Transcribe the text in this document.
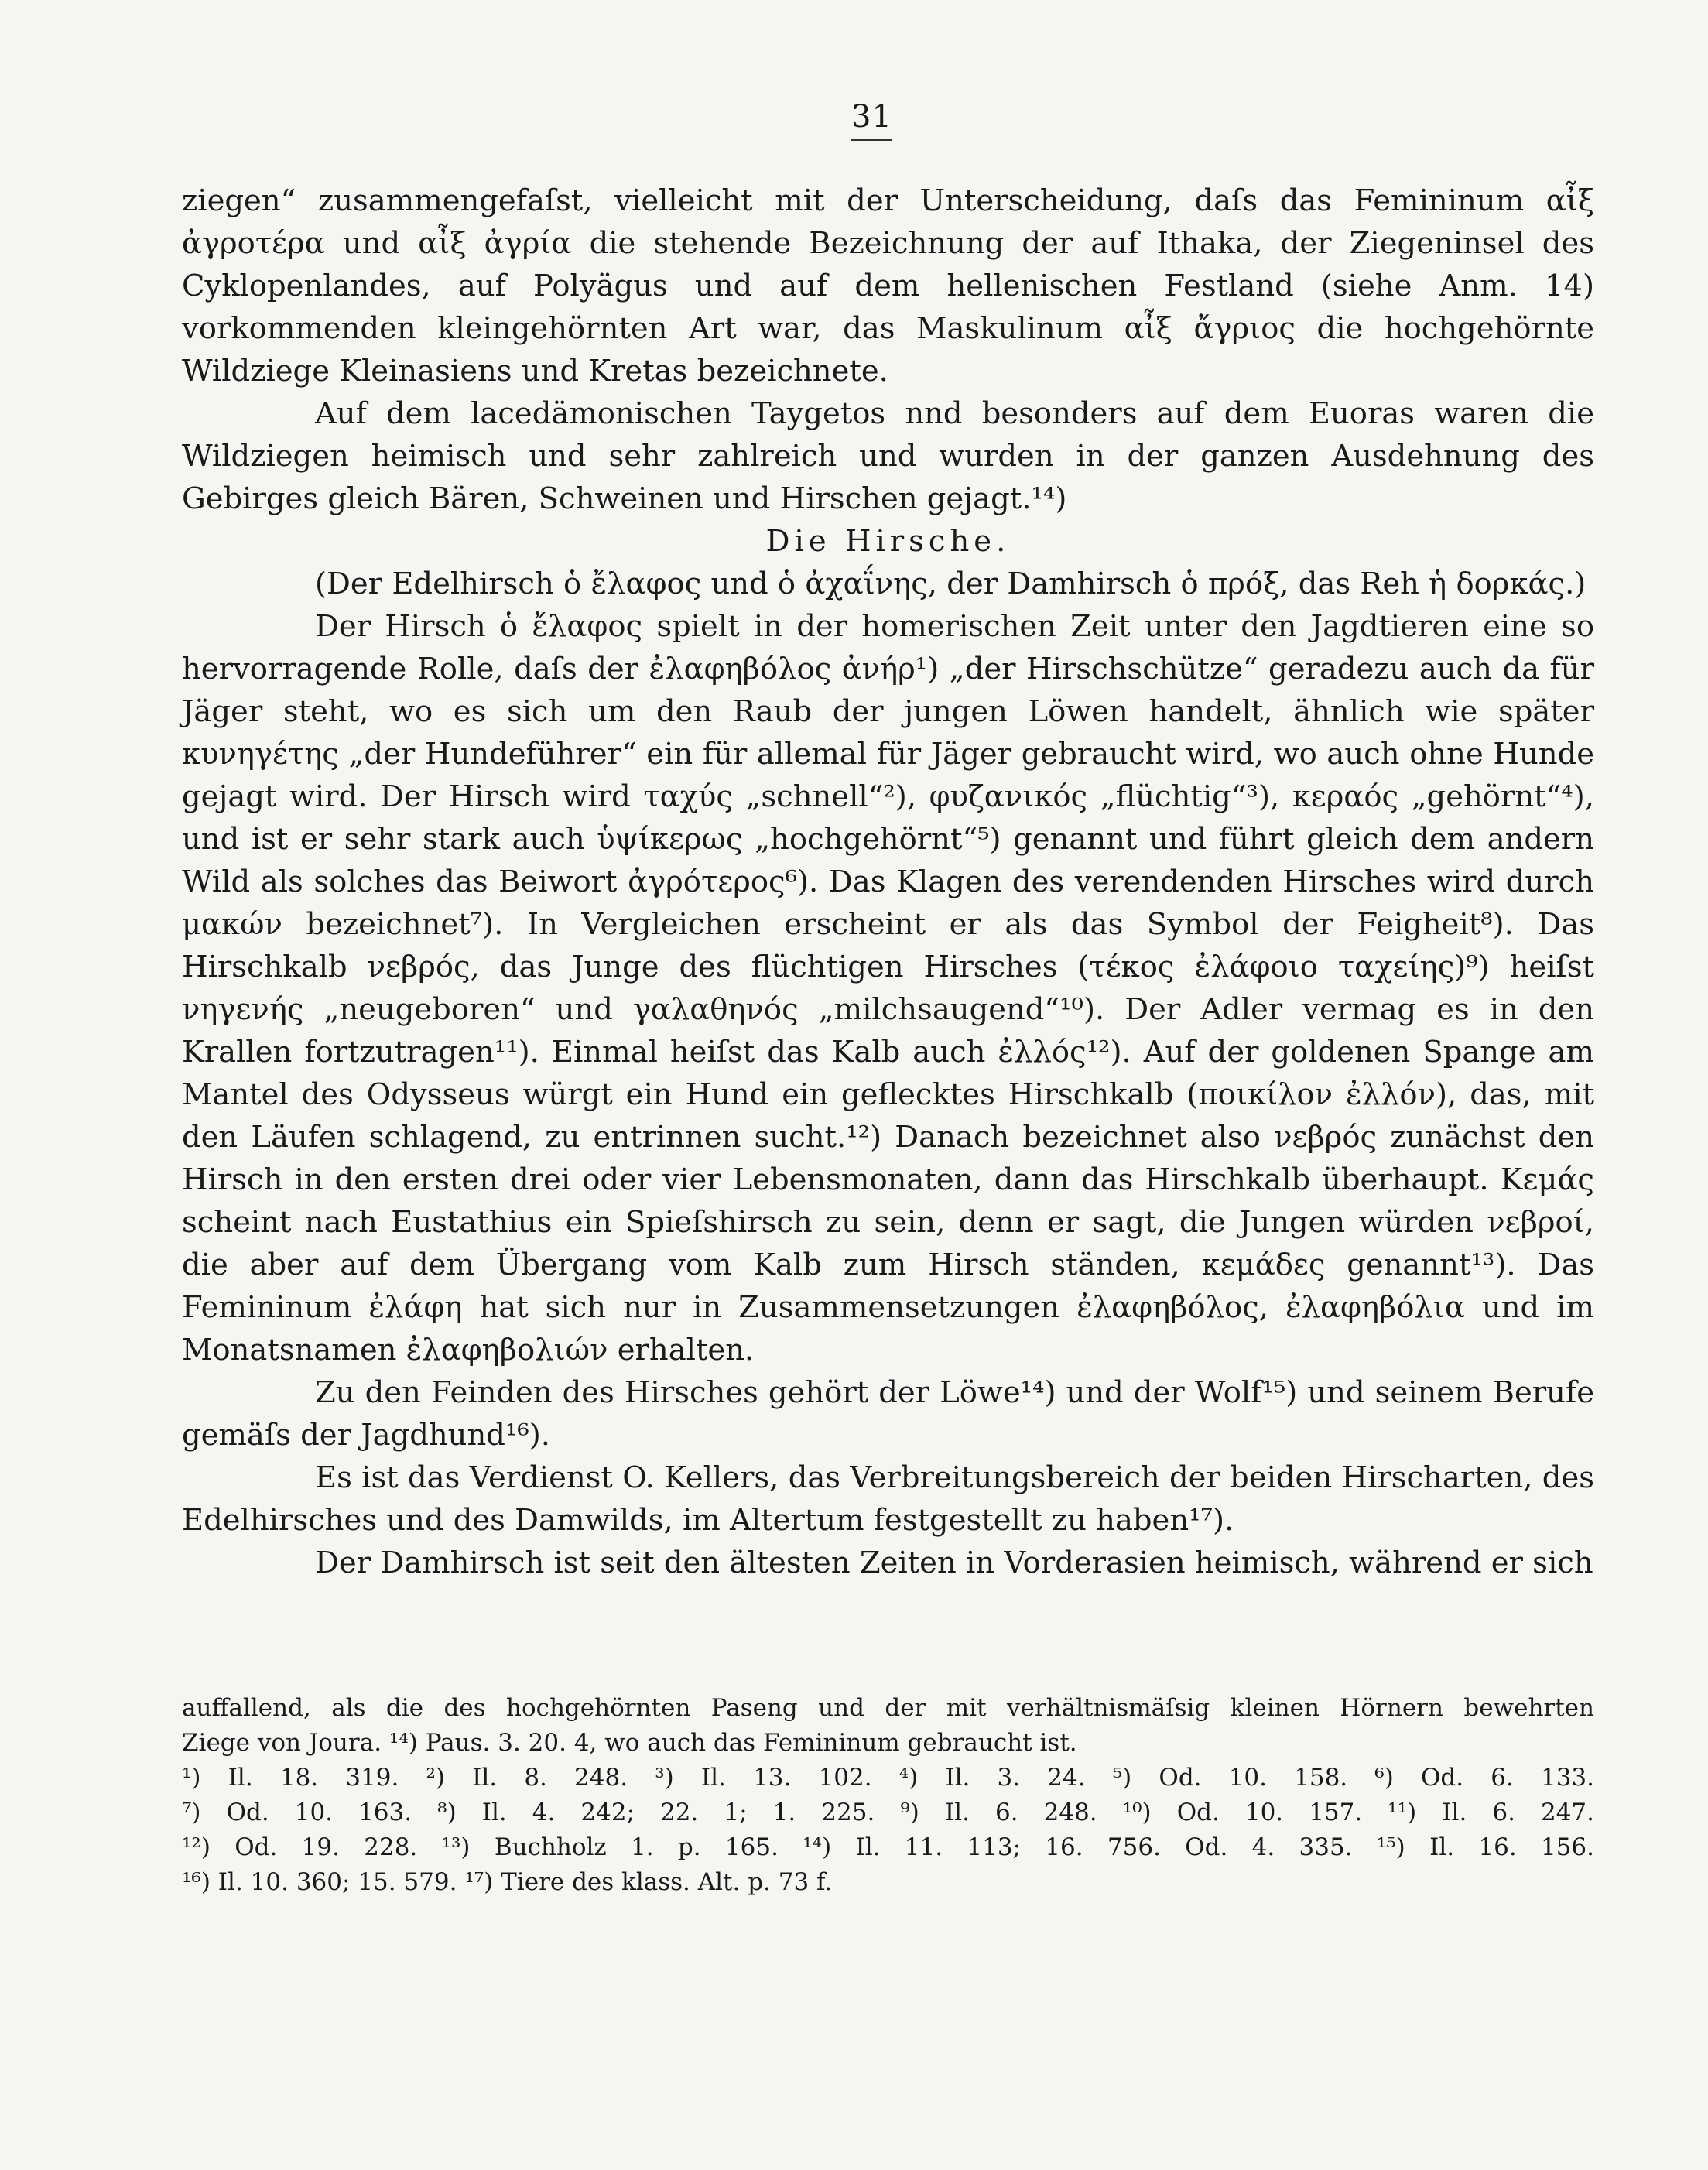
31

ziegen“ zusammengefaſst, vielleicht mit der Unterscheidung, daſs das Femininum αἶξ ἀγροτέρα und αἶξ ἀγρία die stehende Bezeichnung der auf Ithaka, der Ziegeninsel des Cyklopenlandes, auf Polyägus und auf dem hellenischen Festland (siehe Anm. 14) vorkommenden kleingehörnten Art war, das Maskulinum αἶξ ἄγριος die hochgehörnte Wildziege Kleinasiens und Kretas bezeichnete.

Auf dem lacedämonischen Taygetos nnd besonders auf dem Euoras waren die Wildziegen heimisch und sehr zahlreich und wurden in der ganzen Ausdehnung des Gebirges gleich Bären, Schweinen und Hirschen gejagt.¹⁴)

Die Hirsche.

(Der Edelhirsch ὁ ἔλαφος und ὁ ἀχαΐνης, der Damhirsch ὁ πρόξ, das Reh ἡ δορκάς.)

Der Hirsch ὁ ἔλαφος spielt in der homerischen Zeit unter den Jagdtieren eine so hervorragende Rolle, daſs der ἐλαφηβόλος ἀνήρ¹) „der Hirschschütze“ geradezu auch da für Jäger steht, wo es sich um den Raub der jungen Löwen handelt, ähnlich wie später κυνηγέτης „der Hundeführer“ ein für allemal für Jäger gebraucht wird, wo auch ohne Hunde gejagt wird. Der Hirsch wird ταχύς „schnell“²), φυζανικός „flüchtig“³), κεραός „gehörnt“⁴), und ist er sehr stark auch ὑψίκερως „hochgehörnt“⁵) genannt und führt gleich dem andern Wild als solches das Beiwort ἀγρότερος⁶). Das Klagen des verendenden Hirsches wird durch μακών bezeichnet⁷). In Vergleichen erscheint er als das Symbol der Feigheit⁸). Das Hirschkalb νεβρός, das Junge des flüchtigen Hirsches (τέκος ἐλάφοιο ταχείης)⁹) heiſst νηγενής „neugeboren“ und γαλαθηνός „milchsaugend“¹⁰). Der Adler vermag es in den Krallen fortzutragen¹¹). Einmal heiſst das Kalb auch ἐλλός¹²). Auf der goldenen Spange am Mantel des Odysseus würgt ein Hund ein geflecktes Hirschkalb (ποικίλον ἐλλόν), das, mit den Läufen schlagend, zu entrinnen sucht.¹²) Danach bezeichnet also νεβρός zunächst den Hirsch in den ersten drei oder vier Lebensmonaten, dann das Hirschkalb überhaupt. Κεμάς scheint nach Eustathius ein Spieſshirsch zu sein, denn er sagt, die Jungen würden νεβροί, die aber auf dem Übergang vom Kalb zum Hirsch ständen, κεμάδες genannt¹³). Das Femininum ἐλάφη hat sich nur in Zusammensetzungen ἐλαφηβόλος, ἐλαφηβόλια und im Monatsnamen ἐλαφηβολιών erhalten.

Zu den Feinden des Hirsches gehört der Löwe¹⁴) und der Wolf¹⁵) und seinem Berufe gemäſs der Jagdhund¹⁶).

Es ist das Verdienst O. Kellers, das Verbreitungsbereich der beiden Hirscharten, des Edelhirsches und des Damwilds, im Altertum festgestellt zu haben¹⁷).

Der Damhirsch ist seit den ältesten Zeiten in Vorderasien heimisch, während er sich

auffallend, als die des hochgehörnten Paseng und der mit verhältnismäſsig kleinen Hörnern bewehrten

Ziege von Joura. ¹⁴) Paus. 3. 20. 4, wo auch das Femininum gebraucht ist.

¹) Il. 18. 319. ²) Il. 8. 248. ³) Il. 13. 102. ⁴) Il. 3. 24. ⁵) Od. 10. 158. ⁶) Od. 6. 133.

⁷) Od. 10. 163. ⁸) Il. 4. 242; 22. 1; 1. 225. ⁹) Il. 6. 248. ¹⁰) Od. 10. 157. ¹¹) Il. 6. 247.

¹²) Od. 19. 228. ¹³) Buchholz 1. p. 165. ¹⁴) Il. 11. 113; 16. 756. Od. 4. 335. ¹⁵) Il. 16. 156.

¹⁶) Il. 10. 360; 15. 579. ¹⁷) Tiere des klass. Alt. p. 73 f.
